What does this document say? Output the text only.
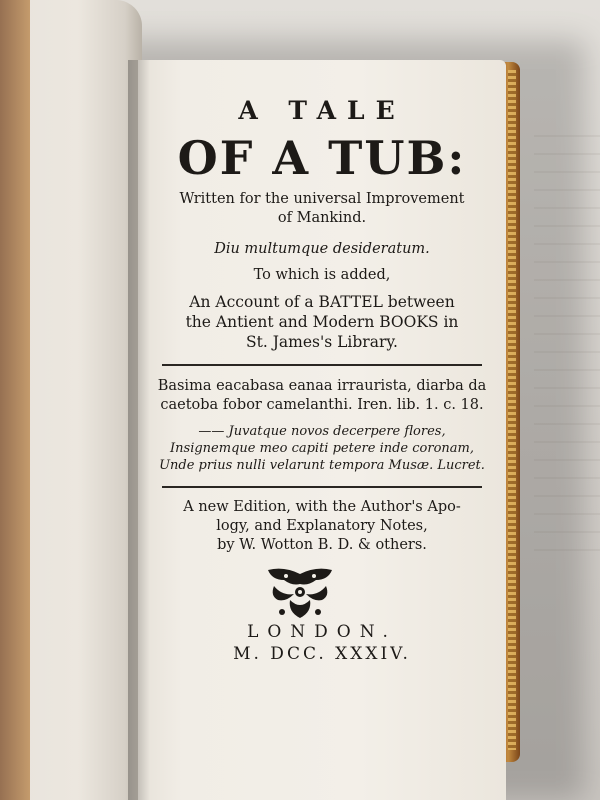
A TALE
OF A TUB:
Written for the universal Improvement
of Mankind.
Diu multumque desideratum.
To which is added,
An Account of a BATTEL between
the Antient and Modern BOOKS in
St. James's Library.
Basima eacabasa eanaa irraurista, diarba da
caetoba fobor camelanthi. Iren. lib. 1. c. 18.
—— Juvatque novos decerpere flores,
Insignemque meo capiti petere inde coronam,
Unde prius nulli velarunt tempora Musæ. Lucret.
A new Edition, with the Author's Apo-
logy, and Explanatory Notes,
by W. Wotton B. D. & others.
LONDON.
M. DCC. XXXIV.
